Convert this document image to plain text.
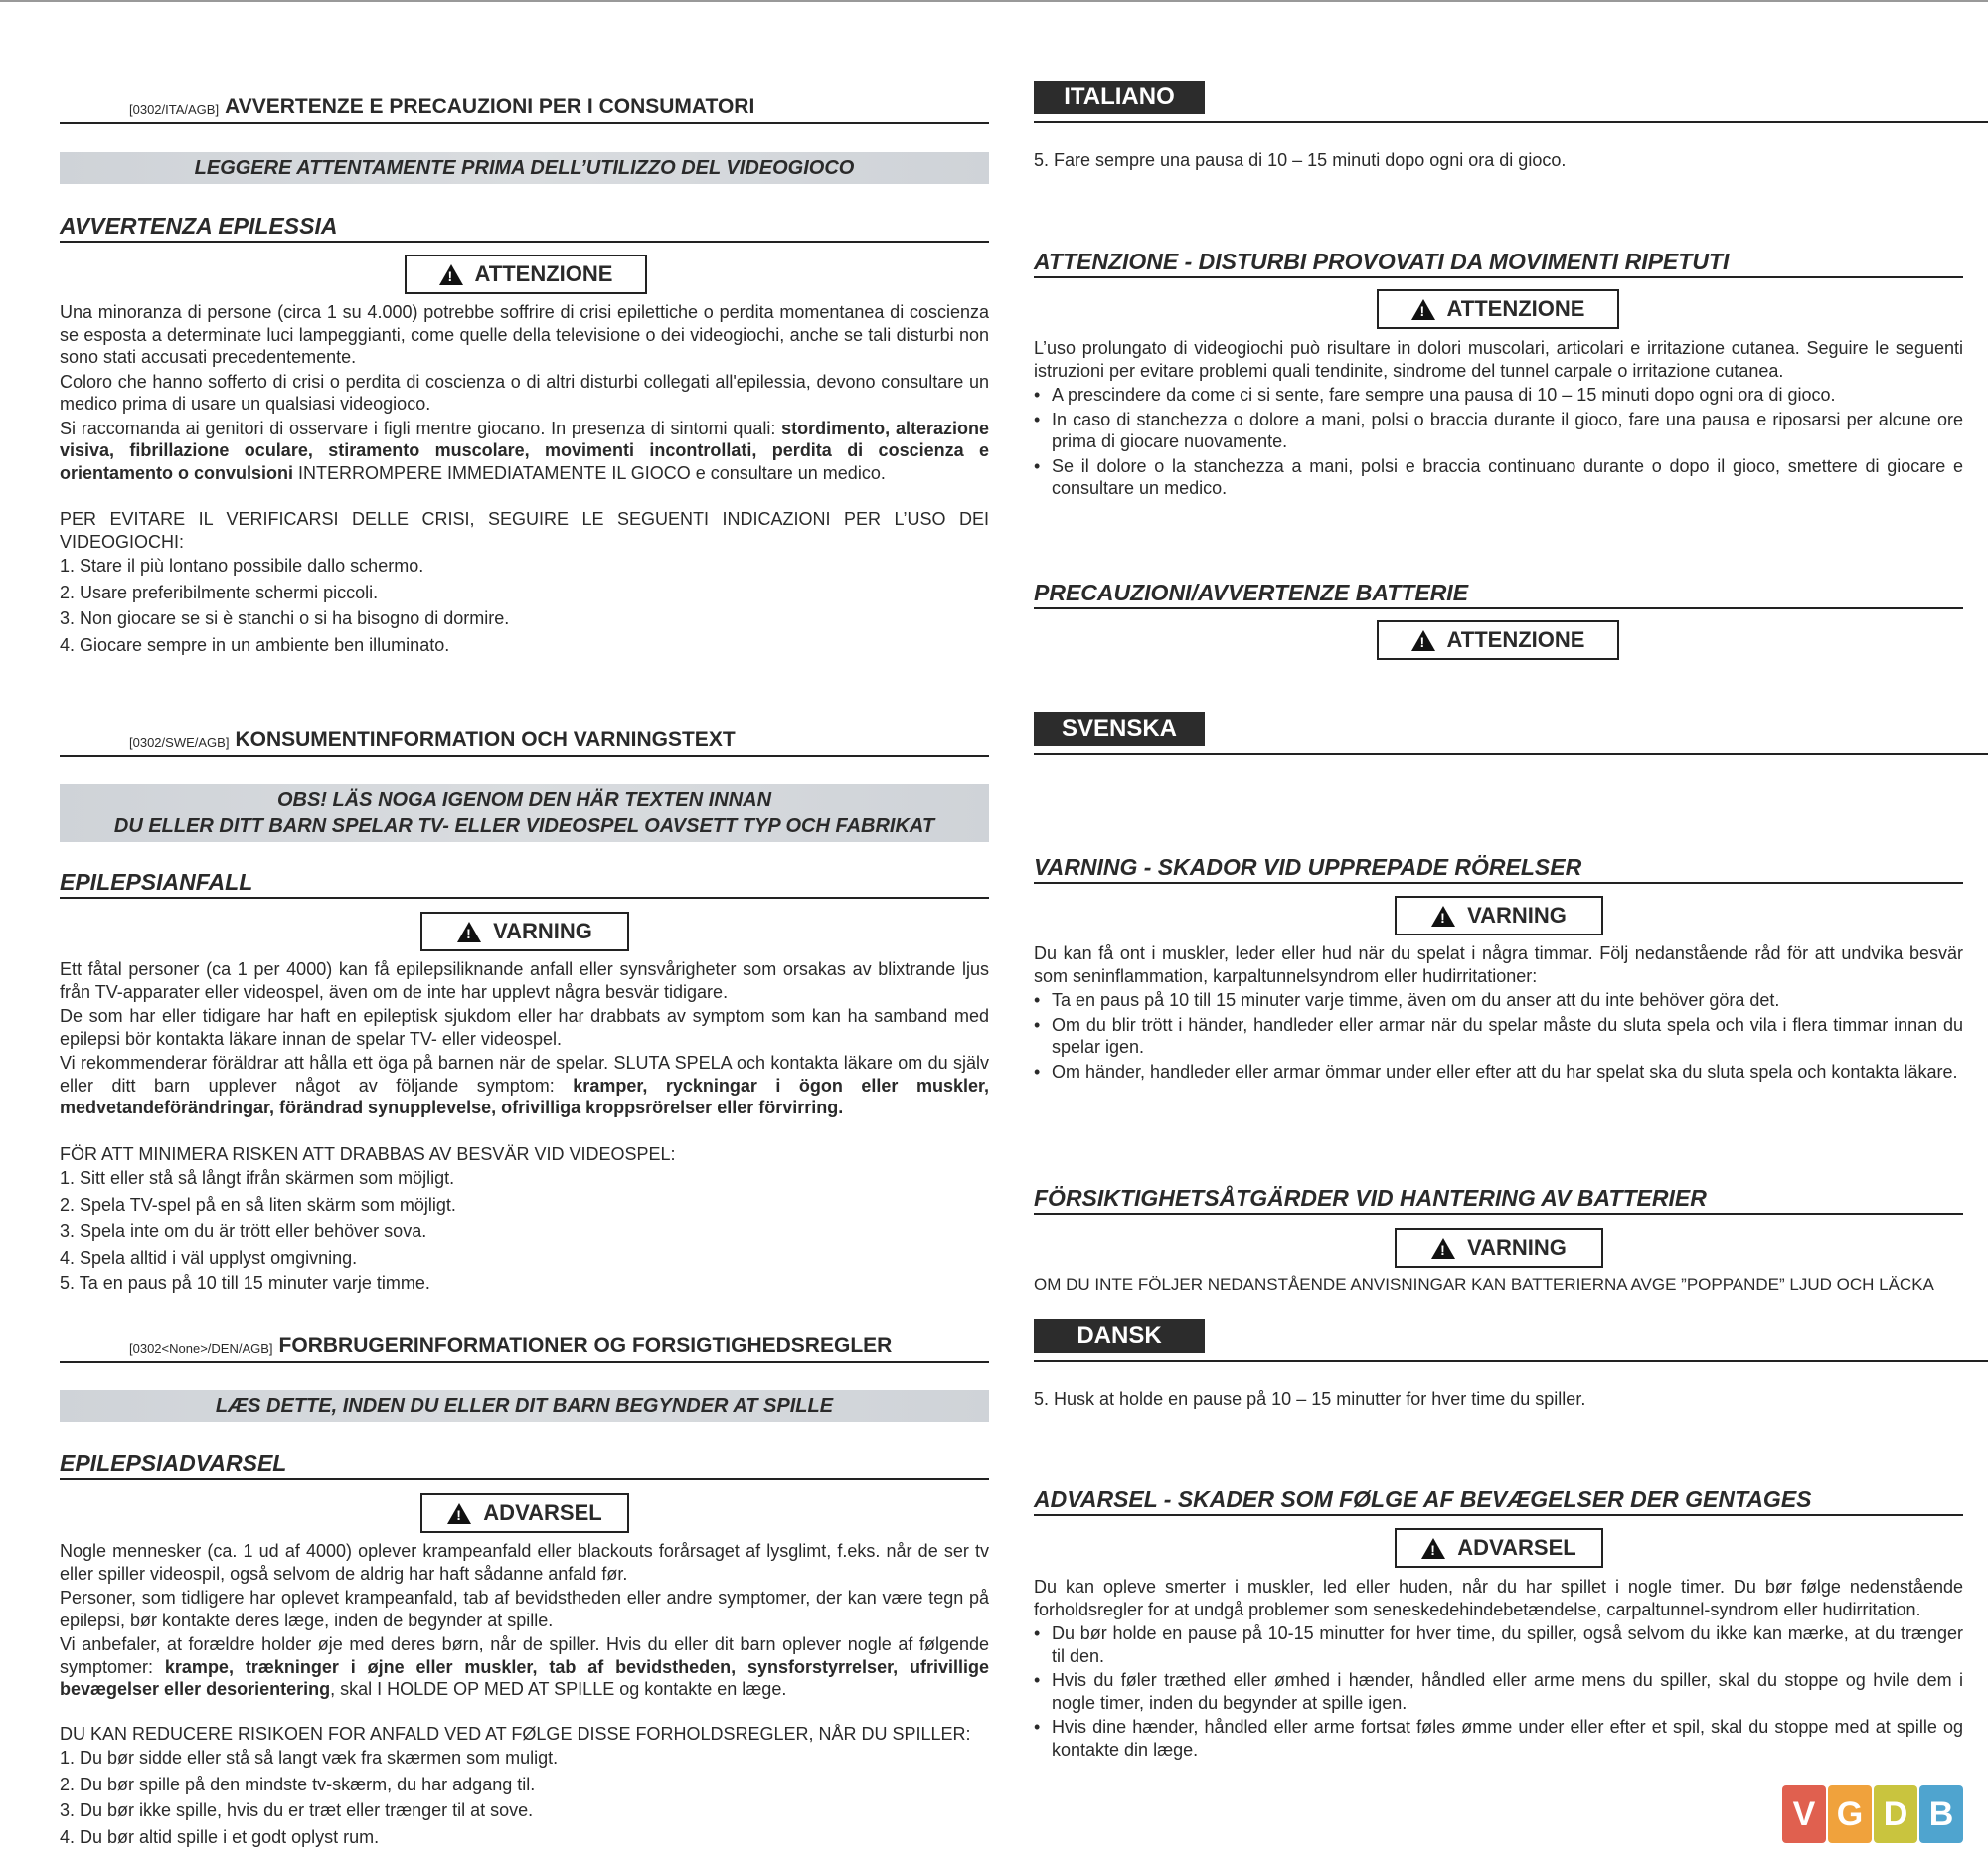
[0302/ITA/AGB] AVVERTENZE E PRECAUZIONI PER I CONSUMATORI	ITALIANO
LEGGERE ATTENTAMENTE PRIMA DELL’UTILIZZO DEL VIDEOGIOCO
AVVERTENZA EPILESSIA
!
ATTENZIONE

Una minoranza di persone (circa 1 su 4.000) potrebbe soffrire di crisi epilettiche o perdita momentanea di coscienza se esposta a determinate luci lampeggianti, come quelle della televisione o dei videogiochi, anche se tali disturbi non sono stati accusati precedentemente.

Coloro che hanno sofferto di crisi o perdita di coscienza o di altri disturbi collegati all'epilessia, devono consultare un medico prima di usare un qualsiasi videogioco.

Si raccomanda ai genitori di osservare i figli mentre giocano. In presenza di sintomi quali: stordimento, alterazione visiva, fibrillazione oculare, stiramento muscolare, movimenti incontrollati, perdita di coscienza e orientamento o convulsioni INTERROMPERE IMMEDIATAMENTE IL GIOCO e consultare un medico.

PER EVITARE IL VERIFICARSI DELLE CRISI, SEGUIRE LE SEGUENTI INDICAZIONI PER L’USO DEI VIDEOGIOCHI:

1. Stare il più lontano possibile dallo schermo.
2. Usare preferibilmente schermi piccoli.
3. Non giocare se si è stanchi o si ha bisogno di dormire.
4. Giocare sempre in un ambiente ben illuminato.
5. Fare sempre una pausa di 10 – 15 minuti dopo ogni ora di gioco.
ATTENZIONE - DISTURBI PROVOVATI DA MOVIMENTI RIPETUTI
!
ATTENZIONE

L’uso prolungato di videogiochi può risultare in dolori muscolari, articolari e irritazione cutanea. Seguire le seguenti istruzioni per evitare problemi quali tendinite, sindrome del tunnel carpale o irritazione cutanea.

• A prescindere da come ci si sente, fare sempre una pausa di 10 – 15 minuti dopo ogni ora di gioco.
• In caso di stanchezza o dolore a mani, polsi o braccia durante il gioco, fare una pausa e riposarsi per alcune ore prima di giocare nuovamente.
• Se il dolore o la stanchezza a mani, polsi e braccia continuano durante o dopo il gioco, smettere di giocare e consultare un medico.
PRECAUZIONI/AVVERTENZE BATTERIE
!
ATTENZIONE
[0302/SWE/AGB] KONSUMENTINFORMATION OCH VARNINGSTEXT	SVENSKA
OBS! LÄS NOGA IGENOM DEN HÄR TEXTEN INNAN
DU ELLER DITT BARN SPELAR TV- ELLER VIDEOSPEL OAVSETT TYP OCH FABRIKAT
EPILEPSIANFALL
!
VARNING

Ett fåtal personer (ca 1 per 4000) kan få epilepsiliknande anfall eller synsvårigheter som orsakas av blixtrande ljus från TV-apparater eller videospel, även om de inte har upplevt några besvär tidigare.

De som har eller tidigare har haft en epileptisk sjukdom eller har drabbats av symptom som kan ha samband med epilepsi bör kontakta läkare innan de spelar TV- eller videospel.

Vi rekommenderar föräldrar att hålla ett öga på barnen när de spelar. SLUTA SPELA och kontakta läkare om du själv eller ditt barn upplever något av följande symptom: kramper, ryckningar i ögon eller muskler, medvetandeförändringar, förändrad synupplevelse, ofrivilliga kroppsrörelser eller förvirring.

FÖR ATT MINIMERA RISKEN ATT DRABBAS AV BESVÄR VID VIDEOSPEL:

1. Sitt eller stå så långt ifrån skärmen som möjligt.
2. Spela TV-spel på en så liten skärm som möjligt.
3. Spela inte om du är trött eller behöver sova.
4. Spela alltid i väl upplyst omgivning.
5. Ta en paus på 10 till 15 minuter varje timme.
VARNING - SKADOR VID UPPREPADE RÖRELSER
!
VARNING

Du kan få ont i muskler, leder eller hud när du spelat i några timmar. Följ nedanstående råd för att undvika besvär som seninflammation, karpaltunnelsyndrom eller hudirritationer:

• Ta en paus på 10 till 15 minuter varje timme, även om du anser att du inte behöver göra det.
• Om du blir trött i händer, handleder eller armar när du spelar måste du sluta spela och vila i flera timmar innan du spelar igen.
• Om händer, handleder eller armar ömmar under eller efter att du har spelat ska du sluta spela och kontakta läkare.
FÖRSIKTIGHETSÅTGÄRDER VID HANTERING AV BATTERIER
!
VARNING
OM DU INTE FÖLJER NEDANSTÅENDE ANVISNINGAR KAN BATTERIERNA AVGE ”POPPANDE” LJUD OCH LÄCKA
[0302<None>/DEN/AGB] FORBRUGERINFORMATIONER OG FORSIGTIGHEDSREGLER	DANSK
LÆS DETTE, INDEN DU ELLER DIT BARN BEGYNDER AT SPILLE
EPILEPSIADVARSEL
!
ADVARSEL

Nogle mennesker (ca. 1 ud af 4000) oplever krampeanfald eller blackouts forårsaget af lysglimt, f.eks. når de ser tv eller spiller videospil, også selvom de aldrig har haft sådanne anfald før.

Personer, som tidligere har oplevet krampeanfald, tab af bevidstheden eller andre symptomer, der kan være tegn på epilepsi, bør kontakte deres læge, inden de begynder at spille.

Vi anbefaler, at forældre holder øje med deres børn, når de spiller. Hvis du eller dit barn oplever nogle af følgende symptomer: krampe, trækninger i øjne eller muskler, tab af bevidstheden, synsforstyrrelser, ufrivillige bevægelser eller desorientering, skal I HOLDE OP MED AT SPILLE og kontakte en læge.

DU KAN REDUCERE RISIKOEN FOR ANFALD VED AT FØLGE DISSE FORHOLDSREGLER, NÅR DU SPILLER:

1. Du bør sidde eller stå så langt væk fra skærmen som muligt.
2. Du bør spille på den mindste tv-skærm, du har adgang til.
3. Du bør ikke spille, hvis du er træt eller trænger til at sove.
4. Du bør altid spille i et godt oplyst rum.
5. Husk at holde en pause på 10 – 15 minutter for hver time du spiller.
ADVARSEL - SKADER SOM FØLGE AF BEVÆGELSER DER GENTAGES
!
ADVARSEL

Du kan opleve smerter i muskler, led eller huden, når du har spillet i nogle timer. Du bør følge nedenstående forholdsregler for at undgå problemer som seneskedehindebetændelse, carpaltunnel-syndrom eller hudirritation.

• Du bør holde en pause på 10-15 minutter for hver time, du spiller, også selvom du ikke kan mærke, at du trænger til den.
• Hvis du føler træthed eller ømhed i hænder, håndled eller arme mens du spiller, skal du stoppe og hvile dem i nogle timer, inden du begynder at spille igen.
• Hvis dine hænder, håndled eller arme fortsat føles ømme under eller efter et spil, skal du stoppe med at spille og kontakte din læge.
V G D B
